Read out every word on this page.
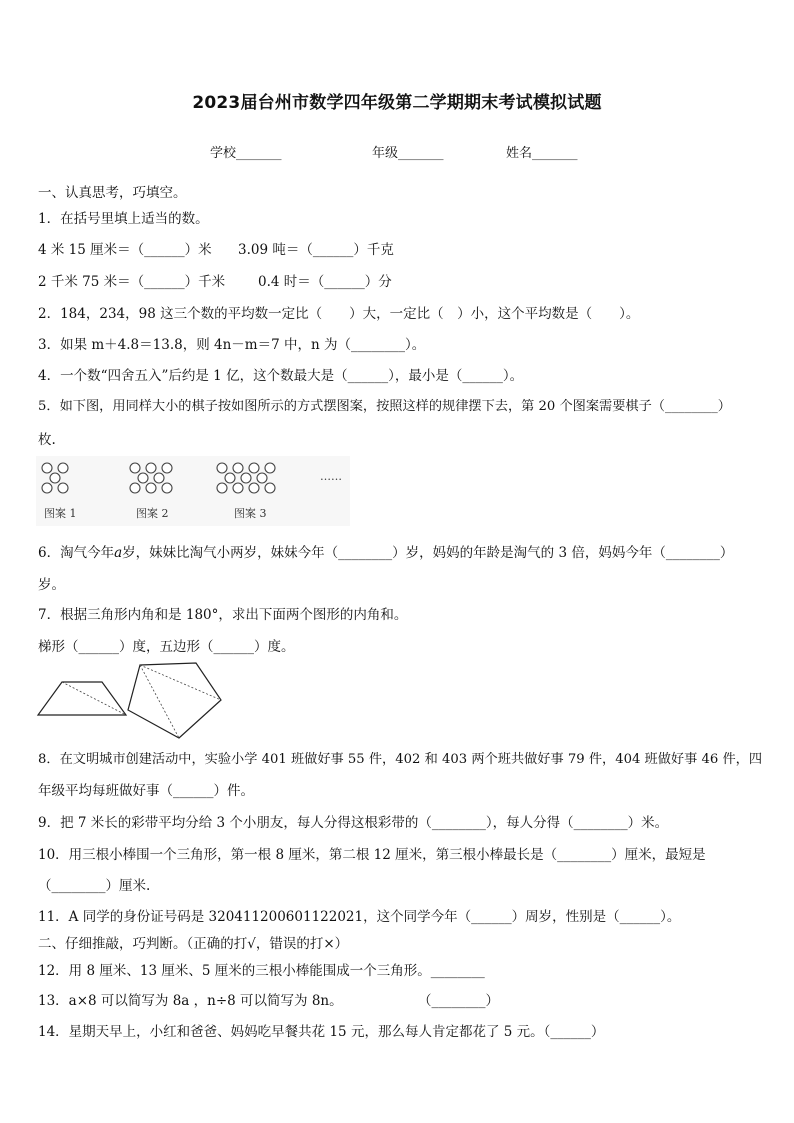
2023届台州市数学四年级第二学期期末考试模拟试题
学校_______	年级_______	姓名_______
一、认真思考，巧填空。
1．在括号里填上适当的数。
4 米 15 厘米＝（______）米 3.09 吨＝（______）千克
2 千米 75 米＝（______）千米 0.4 时＝（______）分
2．184，234，98 这三个数的平均数一定比（　　）大，一定比（　）小，这个平均数是（　　）。
3．如果 m＋4.8＝13.8，则 4n－m＝7 中，n 为（________）。
4．一个数“四舍五入”后约是 1 亿，这个数最大是（______），最小是（______）。
5．如下图，用同样大小的棋子按如图所示的方式摆图案，按照这样的规律摆下去，第 20 个图案需要棋子（________）
枚.
图案 1	图案 2	图案 3
……
6．淘气今年a岁，妹妹比淘气小两岁，妹妹今年（________）岁，妈妈的年龄是淘气的 3 倍，妈妈今年（________）
岁。
7．根据三角形内角和是 180°，求出下面两个图形的内角和。
梯形（______）度，五边形（______）度。
8．在文明城市创建活动中，实验小学 401 班做好事 55 件，402 和 403 两个班共做好事 79 件，404 班做好事 46 件，四
年级平均每班做好事（______）件。
9．把 7 米长的彩带平均分给 3 个小朋友，每人分得这根彩带的（________），每人分得（________）米。
10．用三根小棒围一个三角形，第一根 8 厘米，第二根 12 厘米，第三根小棒最长是（________）厘米，最短是
（________）厘米.
11．A 同学的身份证号码是 320411200601122021，这个同学今年（______）周岁，性别是（______）。
二、仔细推敲，巧判断。（正确的打√，错误的打×）
12．用 8 厘米、13 厘米、5 厘米的三根小棒能围成一个三角形。________
13．a×8 可以简写为 8a ，n÷8 可以简写为 8n。	（________）
14．星期天早上，小红和爸爸、妈妈吃早餐共花 15 元，那么每人肯定都花了 5 元。（______）
